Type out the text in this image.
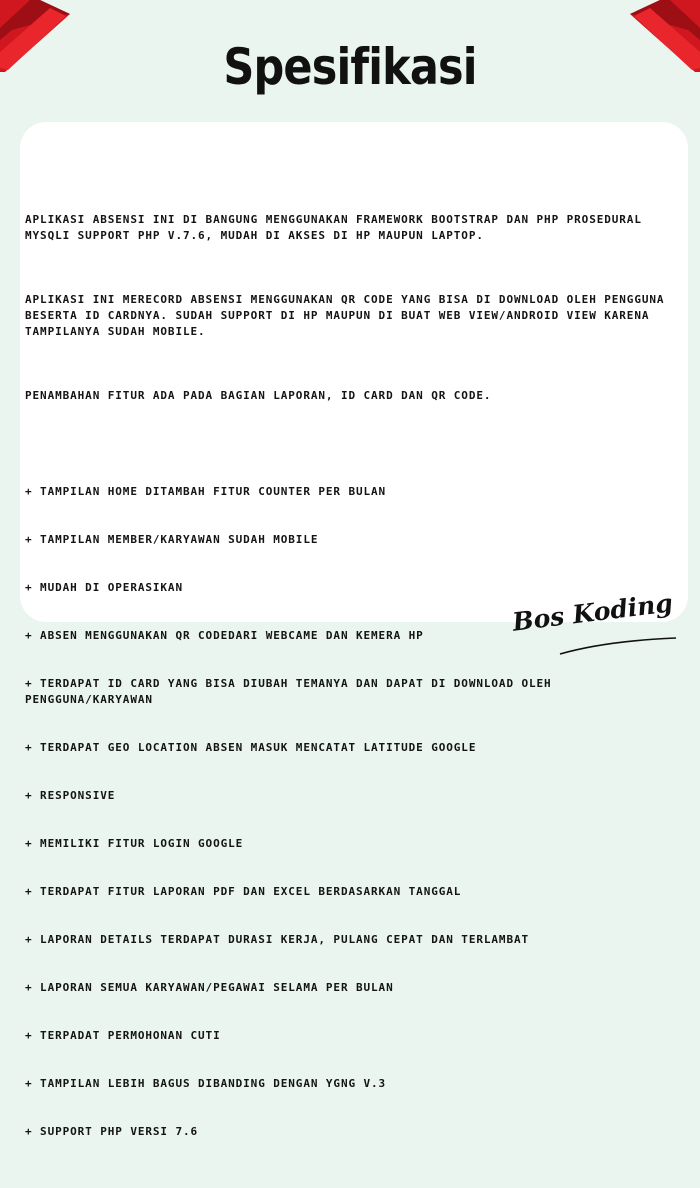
Spesifikasi

APLIKASI ABSENSI INI DI BANGUNG MENGGUNAKAN FRAMEWORK BOOTSTRAP DAN PHP PROSEDURAL
MYSQLI SUPPORT PHP V.7.6, MUDAH DI AKSES DI HP MAUPUN LAPTOP.

APLIKASI INI MERECORD ABSENSI MENGGUNAKAN QR CODE YANG BISA DI DOWNLOAD OLEH PENGGUNA
BESERTA ID CARDNYA. SUDAH SUPPORT DI HP MAUPUN DI BUAT WEB VIEW/ANDROID VIEW KARENA
TAMPILANYA SUDAH MOBILE.

PENAMBAHAN FITUR ADA PADA BAGIAN LAPORAN, ID CARD DAN QR CODE.

+ TAMPILAN HOME DITAMBAH FITUR COUNTER PER BULAN

+ TAMPILAN MEMBER/KARYAWAN SUDAH MOBILE

+ MUDAH DI OPERASIKAN

+ ABSEN MENGGUNAKAN QR CODEDARI WEBCAME DAN KEMERA HP

+ TERDAPAT ID CARD YANG BISA DIUBAH TEMANYA DAN DAPAT DI DOWNLOAD OLEH
PENGGUNA/KARYAWAN

+ TERDAPAT GEO LOCATION ABSEN MASUK MENCATAT LATITUDE GOOGLE

+ RESPONSIVE

+ MEMILIKI FITUR LOGIN GOOGLE

+ TERDAPAT FITUR LAPORAN PDF DAN EXCEL BERDASARKAN TANGGAL

+ LAPORAN DETAILS TERDAPAT DURASI KERJA, PULANG CEPAT DAN TERLAMBAT

+ LAPORAN SEMUA KARYAWAN/PEGAWAI SELAMA PER BULAN

+ TERPADAT PERMOHONAN CUTI

+ TAMPILAN LEBIH BAGUS DIBANDING DENGAN YGNG V.3

+ SUPPORT PHP VERSI 7.6

Bos Koding
